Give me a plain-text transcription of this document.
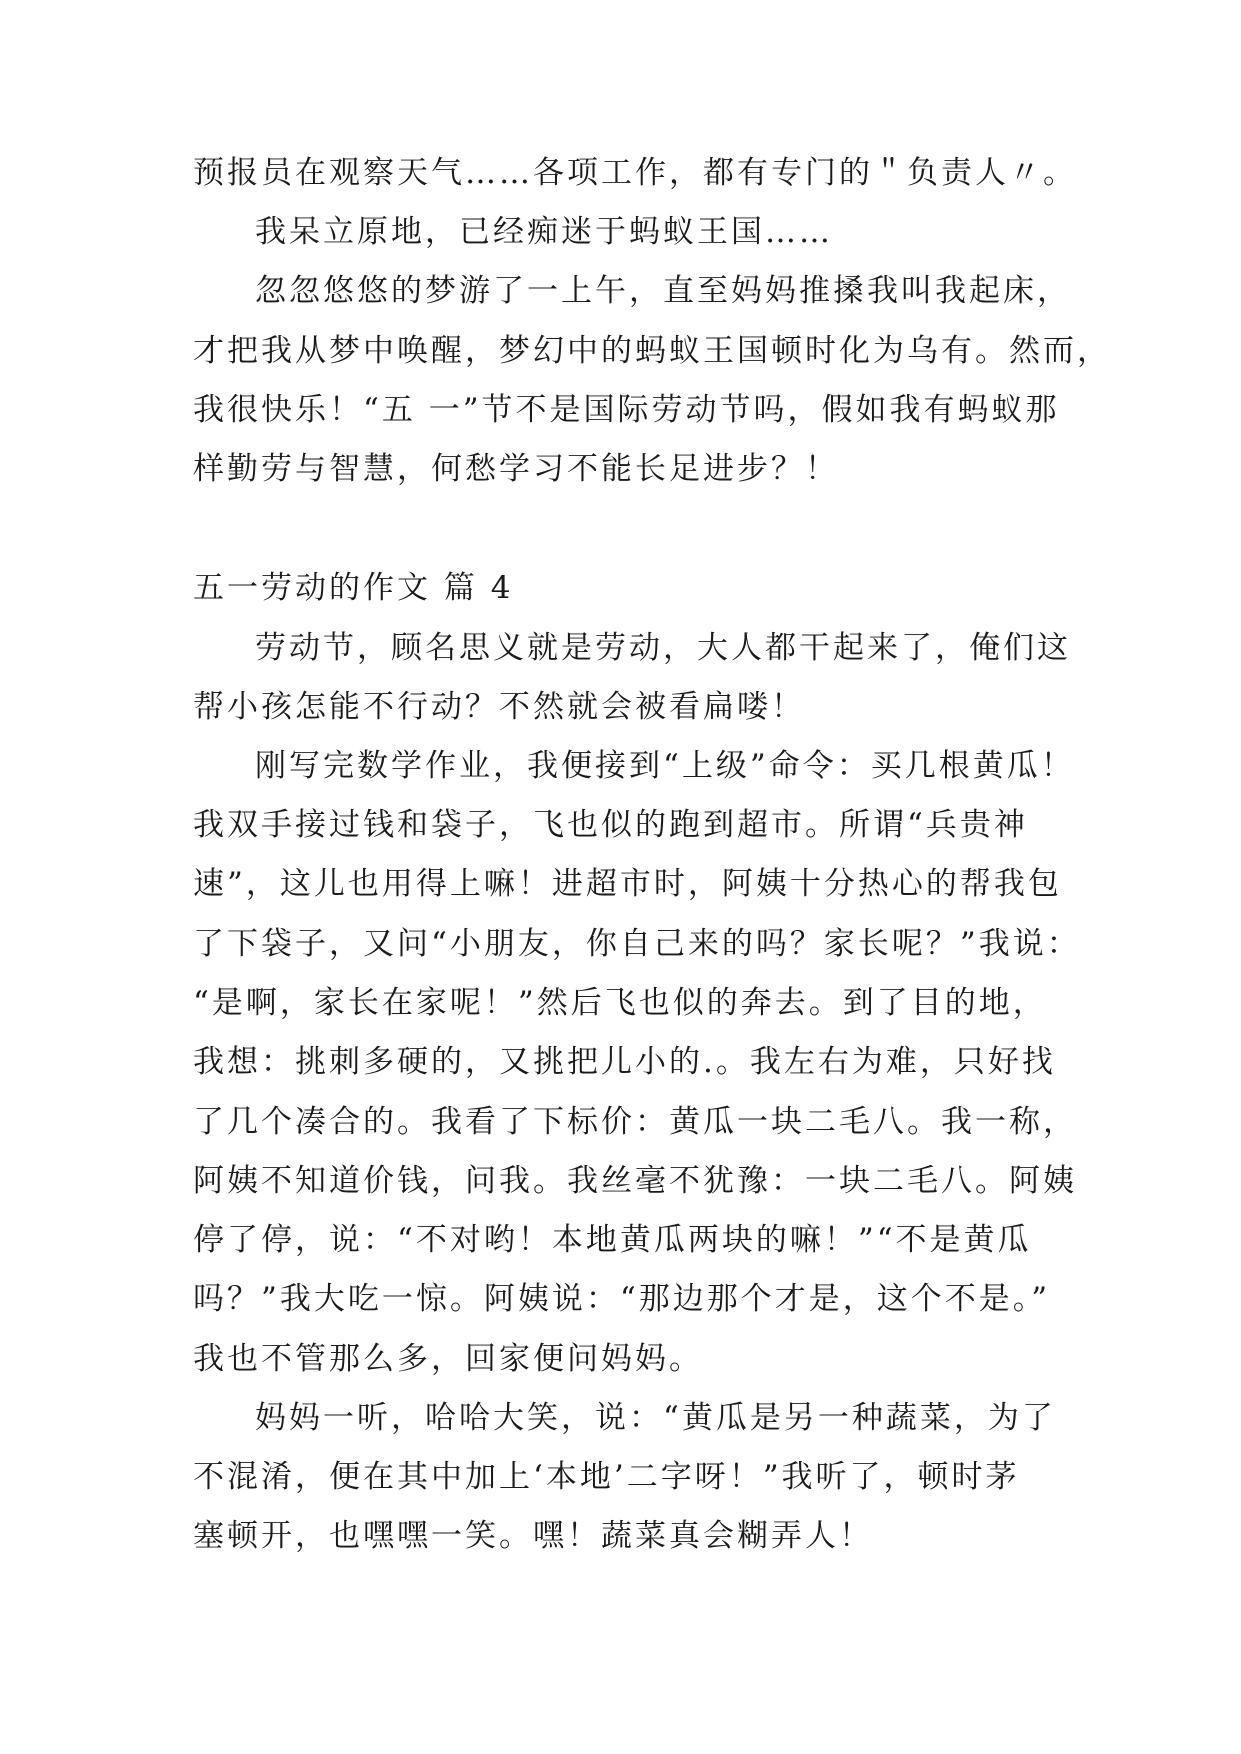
预报员在观察天气……各项工作，都有专门的＂负责人〃。
我呆立原地，已经痴迷于蚂蚁王国……
忽忽悠悠的梦游了一上午，直至妈妈推搡我叫我起床，
才把我从梦中唤醒，梦幻中的蚂蚁王国顿时化为乌有。然而，
我很快乐！“五 一”节不是国际劳动节吗，假如我有蚂蚁那
样勤劳与智慧，何愁学习不能长足进步？！
五一劳动的作文 篇 4
劳动节，顾名思义就是劳动，大人都干起来了，俺们这
帮小孩怎能不行动？不然就会被看扁喽！
刚写完数学作业，我便接到“上级”命令：买几根黄瓜！
我双手接过钱和袋子，飞也似的跑到超市。所谓“兵贵神
速”，这儿也用得上嘛！进超市时，阿姨十分热心的帮我包
了下袋子，又问“小朋友，你自己来的吗？家长呢？”我说：
“是啊，家长在家呢！”然后飞也似的奔去。到了目的地，
我想：挑刺多硬的，又挑把儿小的.。我左右为难，只好找
了几个凑合的。我看了下标价：黄瓜一块二毛八。我一称，
阿姨不知道价钱，问我。我丝毫不犹豫：一块二毛八。阿姨
停了停，说：“不对哟！本地黄瓜两块的嘛！”“不是黄瓜
吗？”我大吃一惊。阿姨说：“那边那个才是，这个不是。”
我也不管那么多，回家便问妈妈。
妈妈一听，哈哈大笑，说：“黄瓜是另一种蔬菜，为了
不混淆，便在其中加上‘本地’二字呀！”我听了，顿时茅
塞顿开，也嘿嘿一笑。嘿！蔬菜真会糊弄人！
